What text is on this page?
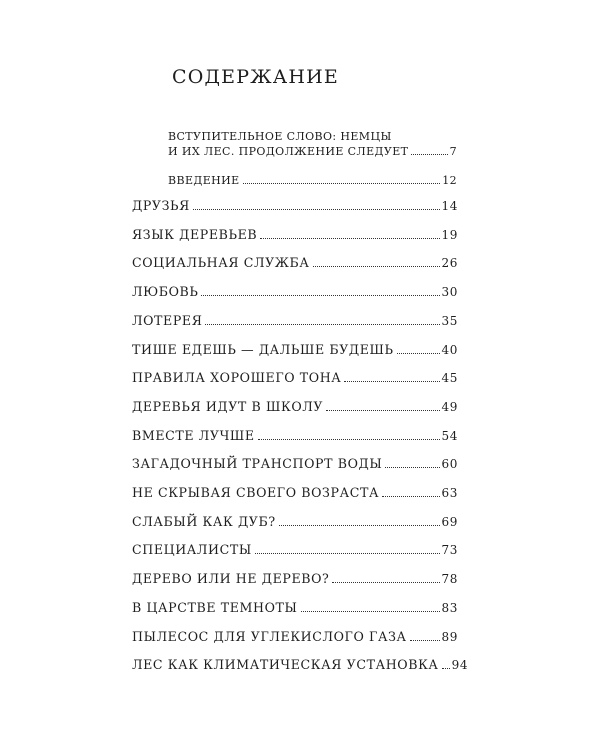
СОДЕРЖАНИЕ
ВСТУПИТЕЛЬНОЕ СЛОВО: НЕМЦЫ
И ИХ ЛЕС. ПРОДОЛЖЕНИЕ СЛЕДУЕТ	7
ВВЕДЕНИЕ	12
ДРУЗЬЯ	14
ЯЗЫК ДЕРЕВЬЕВ	19
СОЦИАЛЬНАЯ СЛУЖБА	26
ЛЮБОВЬ	30
ЛОТЕРЕЯ	35
ТИШЕ ЕДЕШЬ — ДАЛЬШЕ БУДЕШЬ	40
ПРАВИЛА ХОРОШЕГО ТОНА	45
ДЕРЕВЬЯ ИДУТ В ШКОЛУ	49
ВМЕСТЕ ЛУЧШЕ	54
ЗАГАДОЧНЫЙ ТРАНСПОРТ ВОДЫ	60
НЕ СКРЫВАЯ СВОЕГО ВОЗРАСТА	63
СЛАБЫЙ КАК ДУБ?	69
СПЕЦИАЛИСТЫ	73
ДЕРЕВО ИЛИ НЕ ДЕРЕВО?	78
В ЦАРСТВЕ ТЕМНОТЫ	83
ПЫЛЕСОС ДЛЯ УГЛЕКИСЛОГО ГАЗА	89
ЛЕС КАК КЛИМАТИЧЕСКАЯ УСТАНОВКА 94
